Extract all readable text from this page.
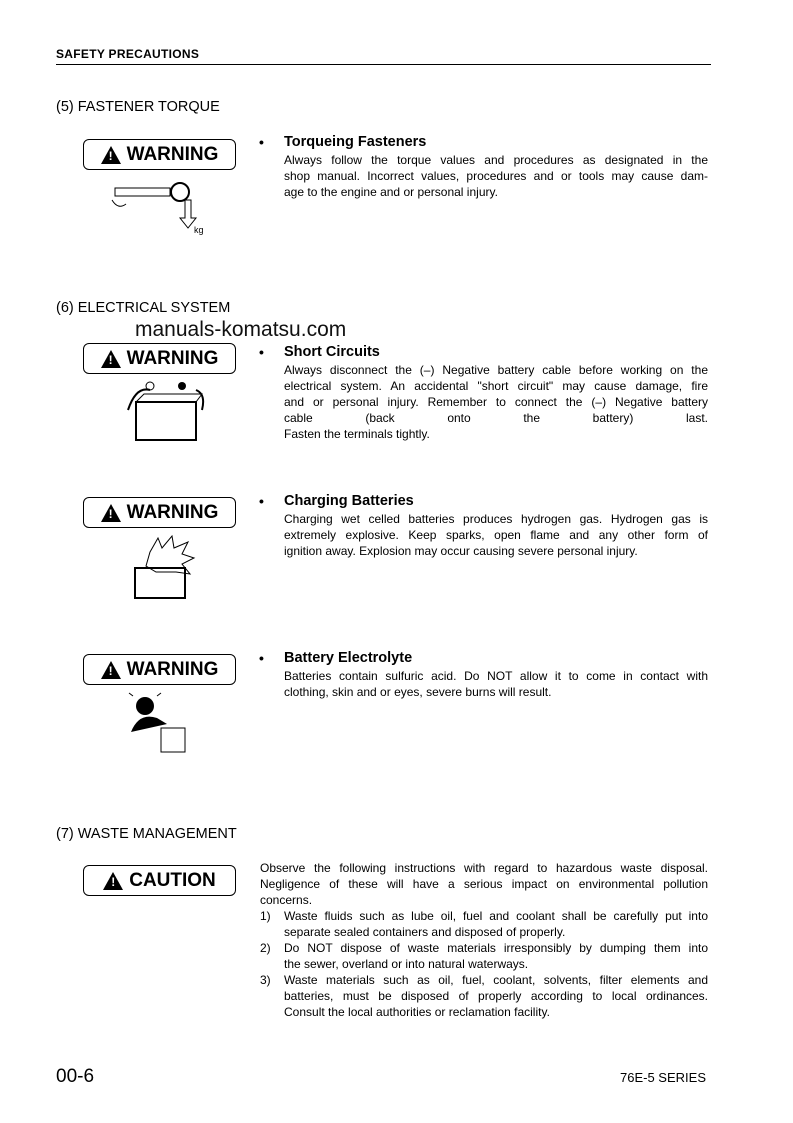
SAFETY PRECAUTIONS
(5) FASTENER TORQUE
(6) ELECTRICAL SYSTEM
(7) WASTE MANAGEMENT
manuals-komatsu.com
!
WARNING
!
WARNING
!
WARNING
!
WARNING
!
CAUTION
kg
• Torqueing Fasteners
Always follow the torque values and procedures as designated in the
shop manual. Incorrect values, procedures and or tools may cause dam-
age to the engine and or personal injury.
• Short Circuits
Always disconnect the (–) Negative battery cable before working on the
electrical system. An accidental "short circuit" may cause damage, fire
and or personal injury. Remember to connect the (–) Negative battery
cable (back onto the battery) last.
Fasten the terminals tightly.
• Charging Batteries
Charging wet celled batteries produces hydrogen gas. Hydrogen gas is
extremely explosive. Keep sparks, open flame and any other form of
ignition away. Explosion may occur causing severe personal injury.
• Battery Electrolyte
Batteries contain sulfuric acid. Do NOT allow it to come in contact with
clothing, skin and or eyes, severe burns will result.
Observe the following instructions with regard to hazardous waste disposal.
Negligence of these will have a serious impact on environmental pollution
concerns.
1)	Waste fluids such as lube oil, fuel and coolant shall be carefully put into
separate sealed containers and disposed of properly.
2)	Do NOT dispose of waste materials irresponsibly by dumping them into
the sewer, overland or into natural waterways.
3)	Waste materials such as oil, fuel, coolant, solvents, filter elements and
batteries, must be disposed of properly according to local ordinances.
Consult the local authorities or reclamation facility.
00-6	76E-5 SERIES
